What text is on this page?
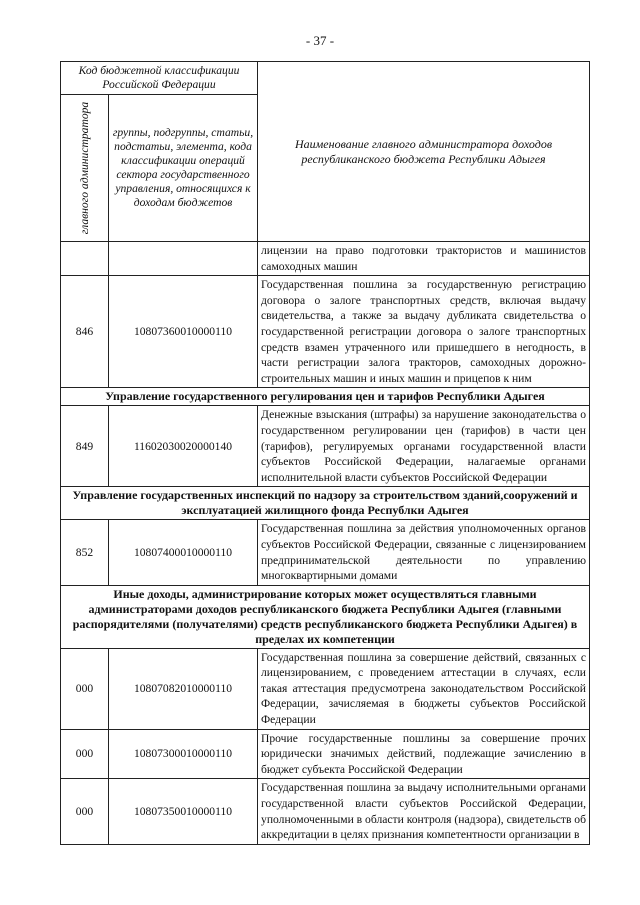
- 37 -
Код бюджетной классификации Российской Федерации		Наименование главного администратора доходов республиканского бюджета Республики Адыгея

главного администратора	группы, подгруппы, статьи, подстатьи, элемента, кода классификации операций сектора государственного управления, относящихся к доходам бюджетов	
		лицензии на право подготовки трактористов и машинистов самоходных машин
846	10807360010000110	Государственная пошлина за государственную регистрацию договора о залоге транспортных средств, включая выдачу свидетельства, а также за выдачу дубликата свидетельства о государственной регистрации договора о залоге транспортных средств взамен утраченного или пришедшего в негодность, в части регистрации залога тракторов, самоходных дорожно-строительных машин и иных машин и прицепов к ним
Управление государственного регулирования цен и тарифов Республики Адыгея		
849	11602030020000140	Денежные взыскания (штрафы) за нарушение законодательства о государственном регулировании цен (тарифов) в части цен (тарифов), регулируемых органами государственной власти субъектов Российской Федерации, налагаемые органами исполнительной власти субъектов Российской Федерации
Управление государственных инспекций по надзору за строительством зданий,сооружений и эксплуатацией жилищного фонда Республки Адыгея		
852	10807400010000110	Государственная пошлина за действия уполномоченных органов субъектов Российской Федерации, связанные с лицензированием предпринимательской деятельности по управлению многоквартирными домами
Иные доходы, администрирование которых может осуществляться главными администраторами доходов республиканского бюджета Республики Адыгея (главными распорядителями (получателями) средств республиканского бюджета Республики Адыгея) в пределах их компетенции		
000	10807082010000110	Государственная пошлина за совершение действий, связанных с лицензированием, с проведением аттестации в случаях, если такая аттестация предусмотрена законодательством Российской Федерации, зачисляемая в бюджеты субъектов Российской Федерации
000	10807300010000110	Прочие государственные пошлины за совершение прочих юридически значимых действий, подлежащие зачислению в бюджет субъекта Российской Федерации
000	10807350010000110	Государственная пошлина за выдачу исполнительными органами государственной власти субъектов Российской Федерации, уполномоченными в области контроля (надзора), свидетельств об аккредитации в целях признания компетентности организации в
